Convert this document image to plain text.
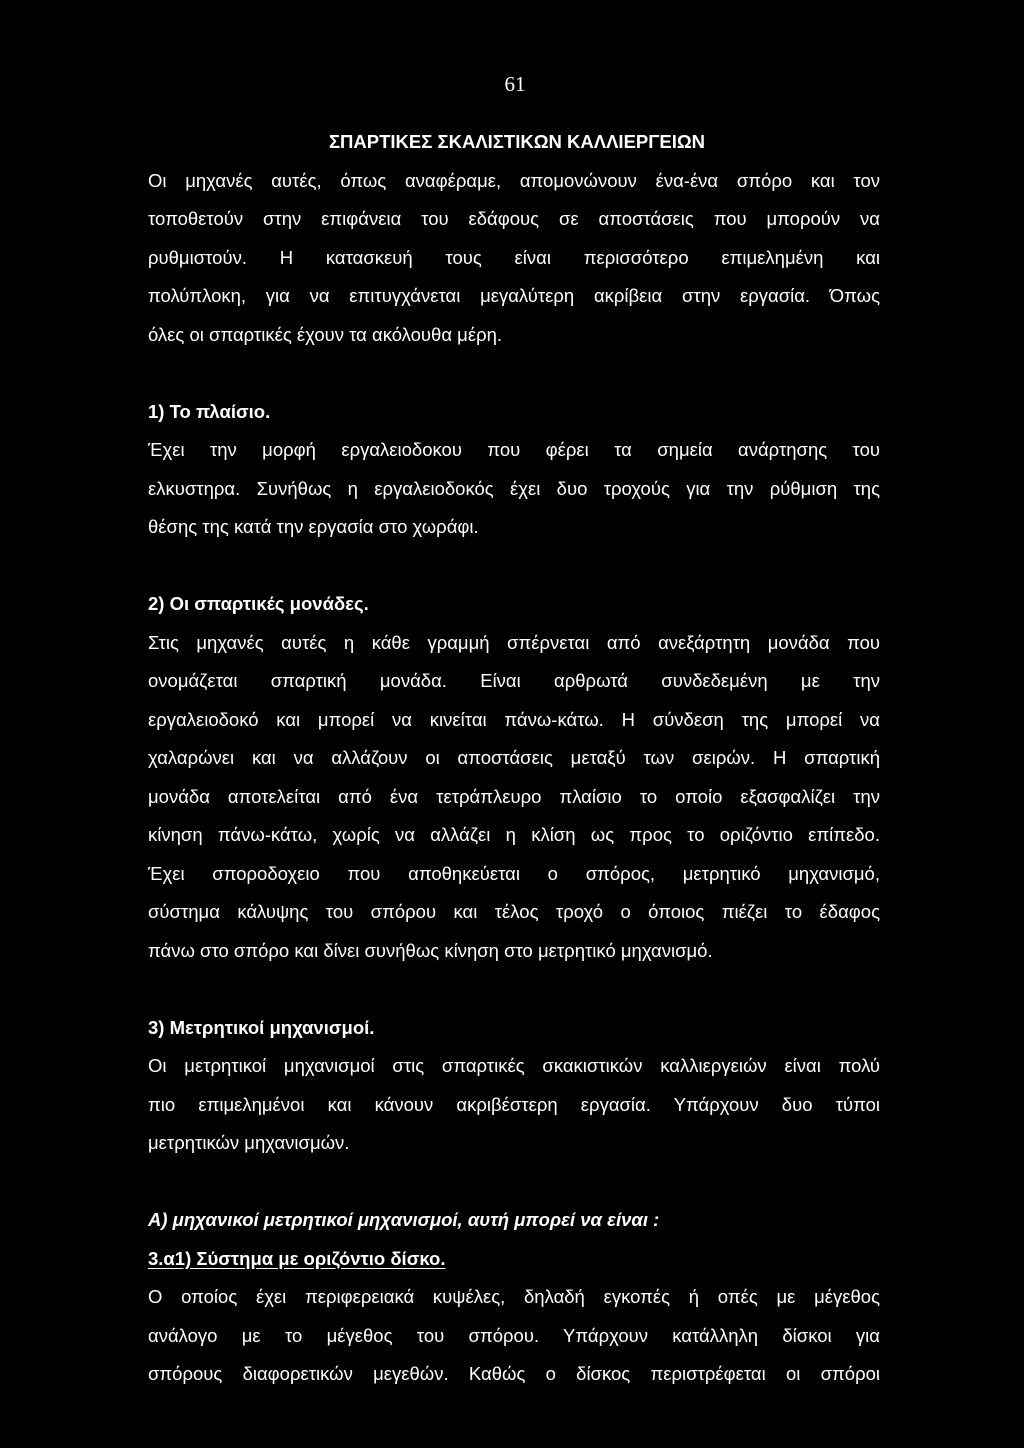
61
ΣΠΑΡΤΙΚΕΣ ΣΚΑΛΙΣΤΙΚΩΝ ΚΑΛΛΙΕΡΓΕΙΩΝ
Οι μηχανές αυτές, όπως αναφέραμε, απομονώνουν ένα-ένα σπόρο και τον
τοποθετούν στην επιφάνεια του εδάφους σε αποστάσεις που μπορούν να
ρυθμιστούν. Η κατασκευή τους είναι περισσότερο επιμελημένη και
πολύπλοκη, για να επιτυγχάνεται μεγαλύτερη ακρίβεια στην εργασία. Όπως
όλες οι σπαρτικές έχουν τα ακόλουθα μέρη.
1) Το πλαίσιο.
Έχει την μορφή εργαλειοδοκου που φέρει τα σημεία ανάρτησης του
ελκυστηρα. Συνήθως η εργαλειοδοκός έχει δυο τροχούς για την ρύθμιση της
θέσης της κατά την εργασία στο χωράφι.
2) Οι σπαρτικές μονάδες.
Στις μηχανές αυτές η κάθε γραμμή σπέρνεται από ανεξάρτητη μονάδα που
ονομάζεται σπαρτική μονάδα. Είναι αρθρωτά συνδεδεμένη με την
εργαλειοδοκό και μπορεί να κινείται πάνω-κάτω. Η σύνδεση της μπορεί να
χαλαρώνει και να αλλάζουν οι αποστάσεις μεταξύ των σειρών. Η σπαρτική
μονάδα αποτελείται από ένα τετράπλευρο πλαίσιο το οποίο εξασφαλίζει την
κίνηση πάνω-κάτω, χωρίς να αλλάζει η κλίση ως προς το οριζόντιο επίπεδο.
Έχει σποροδοχειο που αποθηκεύεται ο σπόρος, μετρητικό μηχανισμό,
σύστημα κάλυψης του σπόρου και τέλος τροχό ο όποιος πιέζει το έδαφος
πάνω στο σπόρο και δίνει συνήθως κίνηση στο μετρητικό μηχανισμό.
3) Μετρητικοί μηχανισμοί.
Οι μετρητικοί μηχανισμοί στις σπαρτικές σκακιστικών καλλιεργειών είναι πολύ
πιο επιμελημένοι και κάνουν ακριβέστερη εργασία. Υπάρχουν δυο τύποι
μετρητικών μηχανισμών.
Α) μηχανικοί μετρητικοί μηχανισμοί, αυτή μπορεί να είναι :
3.α1) Σύστημα με οριζόντιο δίσκο.
Ο οποίος έχει περιφερειακά κυψέλες, δηλαδή εγκοπές ή οπές με μέγεθος
ανάλογο με το μέγεθος του σπόρου. Υπάρχουν κατάλληλη δίσκοι για
σπόρους διαφορετικών μεγεθών. Καθώς ο δίσκος περιστρέφεται οι σπόροι
